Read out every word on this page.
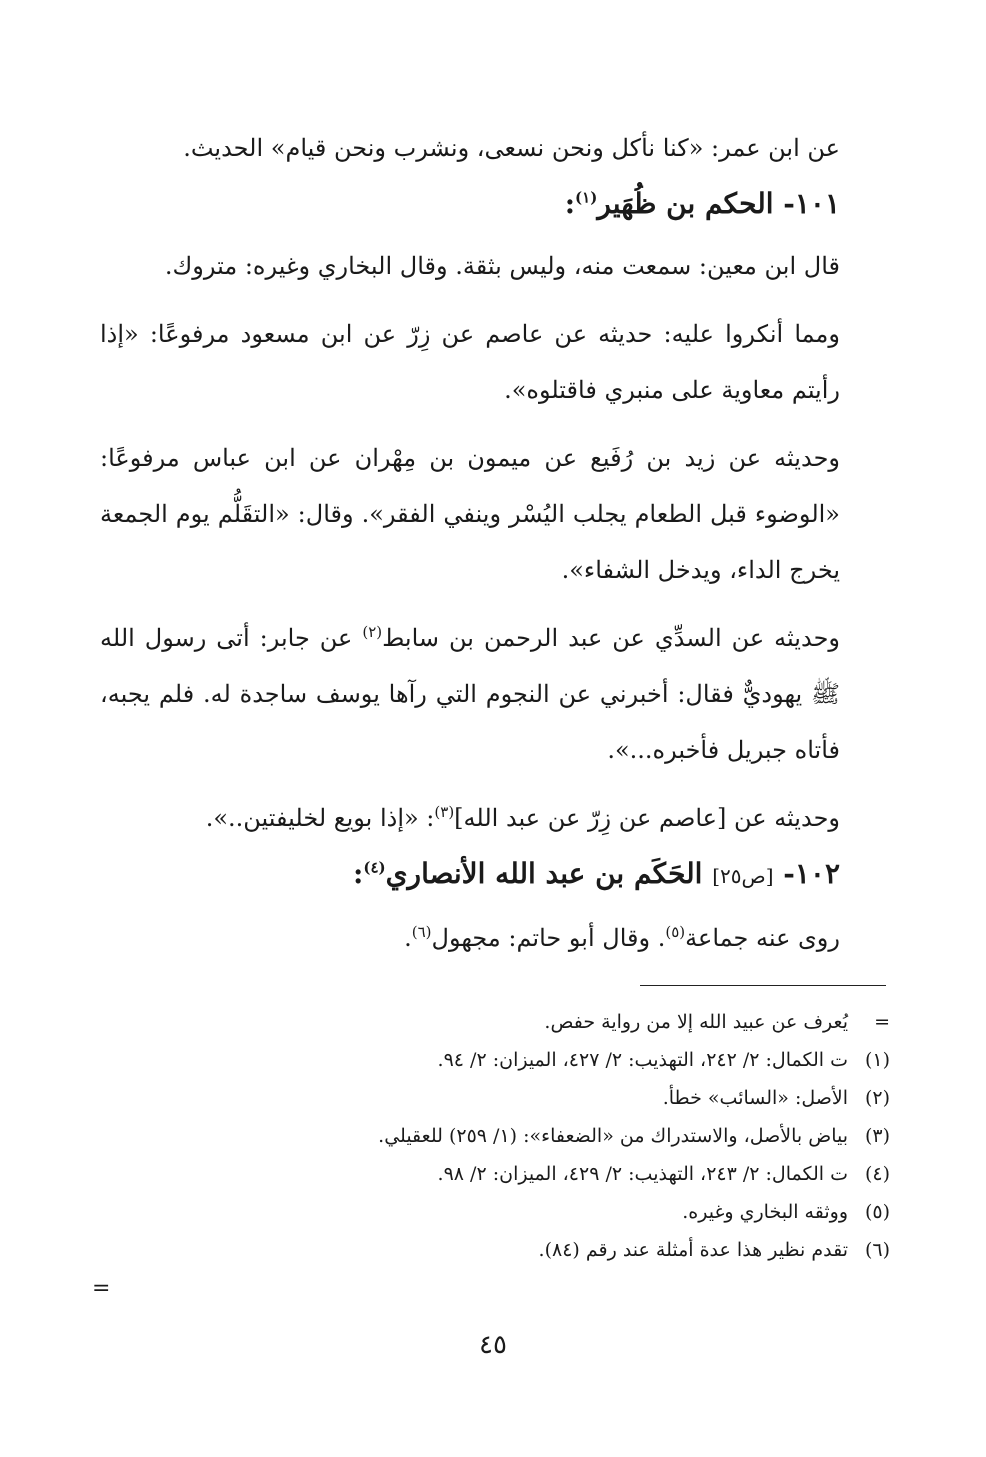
عن ابن عمر: «كنا نأكل ونحن نسعى، ونشرب ونحن قيام» الحديث.

١٠١- الحكم بن ظُهَير$^{(١)}$:

قال ابن معين: سمعت منه، وليس بثقة. وقال البخاري وغيره: متروك.

ومما أنكروا عليه: حديثه عن عاصم عن زِرّ عن ابن مسعود مرفوعًا: «إذا رأيتم معاوية على منبري فاقتلوه».

وحديثه عن زيد بن رُفَيع عن ميمون بن مِهْران عن ابن عباس مرفوعًا: «الوضوء قبل الطعام يجلب اليُسْر وينفي الفقر». وقال: «التقَلُّم يوم الجمعة يخرج الداء، ويدخل الشفاء».

وحديثه عن السدِّي عن عبد الرحمن بن سابط$^{(٢)}$ عن جابر: أتى رسول الله ﷺ يهوديٌّ فقال: أخبرني عن النجوم التي رآها يوسف ساجدة له. فلم يجبه، فأتاه جبريل فأخبره...».

وحديثه عن [عاصم عن زِرّ عن عبد الله]$^{(٣)}$: «إذا بويع لخليفتين..».

١٠٢- [ص٢٥] الحَكَم بن عبد الله الأنصاري$^{(٤)}$:

روى عنه جماعة$^{(٥)}$. وقال أبو حاتم: مجهول$^{(٦)}$.

=يُعرف عن عبيد الله إلا من رواية حفص.
(١)ت الكمال: ٢/ ٢٤٢، التهذيب: ٢/ ٤٢٧، الميزان: ٢/ ٩٤.
(٢)الأصل: «السائب» خطأ.
(٣)بياض بالأصل، والاستدراك من «الضعفاء»: (١/ ٢٥٩) للعقيلي.
(٤)ت الكمال: ٢/ ٢٤٣، التهذيب: ٢/ ٤٢٩، الميزان: ٢/ ٩٨.
(٥)ووثقه البخاري وغيره.
(٦)تقدم نظير هذا عدة أمثلة عند رقم (٨٤).
=
٤٥
